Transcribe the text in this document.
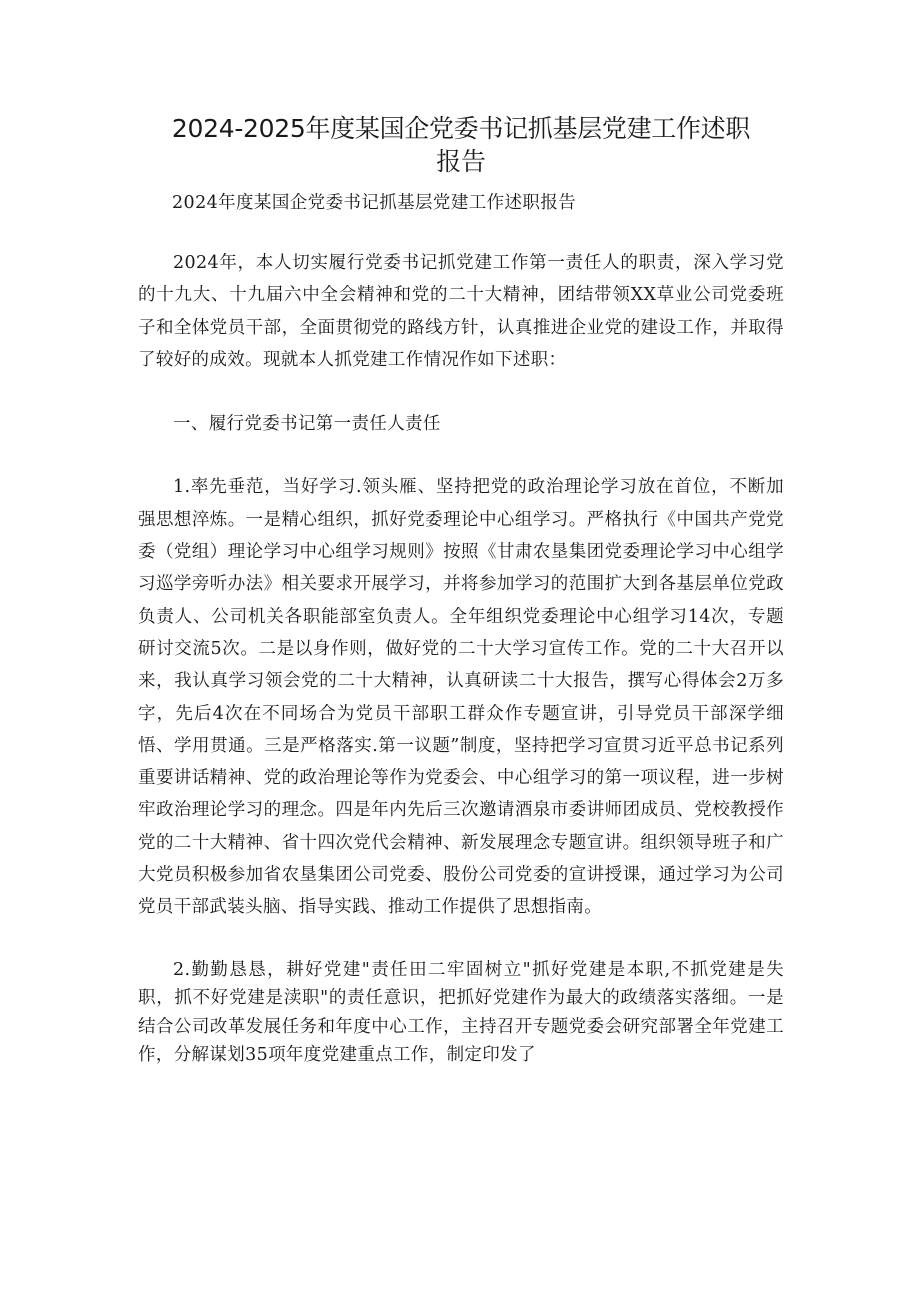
2024-2025年度某国企党委书记抓基层党建工作述职
报告

2024年度某国企党委书记抓基层党建工作述职报告

2024年，本人切实履行党委书记抓党建工作第一责任人的职责，深入学习党的十九大、十九届六中全会精神和党的二十大精神，团结带领XX草业公司党委班子和全体党员干部，全面贯彻党的路线方针，认真推进企业党的建设工作，并取得了较好的成效。现就本人抓党建工作情况作如下述职：

一、履行党委书记第一责任人责任

1.率先垂范，当好学习.领头雁、坚持把党的政治理论学习放在首位，不断加强思想淬炼。一是精心组织，抓好党委理论中心组学习。严格执行《中国共产党党委（党组）理论学习中心组学习规则》按照《甘肃农垦集团党委理论学习中心组学习巡学旁听办法》相关要求开展学习，并将参加学习的范围扩大到各基层单位党政负责人、公司机关各职能部室负责人。全年组织党委理论中心组学习14次，专题研讨交流5次。二是以身作则，做好党的二十大学习宣传工作。党的二十大召开以来，我认真学习领会党的二十大精神，认真研读二十大报告，撰写心得体会2万多字，先后4次在不同场合为党员干部职工群众作专题宣讲，引导党员干部深学细悟、学用贯通。三是严格落实.第一议题”制度，坚持把学习宣贯习近平总书记系列重要讲话精神、党的政治理论等作为党委会、中心组学习的第一项议程，进一步树牢政治理论学习的理念。四是年内先后三次邀请酒泉市委讲师团成员、党校教授作党的二十大精神、省十四次党代会精神、新发展理念专题宣讲。组织领导班子和广大党员积极参加省农垦集团公司党委、股份公司党委的宣讲授课，通过学习为公司党员干部武装头脑、指导实践、推动工作提供了思想指南。

2.勤勤恳恳，耕好党建"责任田二牢固树立"抓好党建是本职,不抓党建是失职，抓不好党建是渎职"的责任意识，把抓好党建作为最大的政绩落实落细。一是结合公司改革发展任务和年度中心工作，主持召开专题党委会研究部署全年党建工作，分解谋划35项年度党建重点工作，制定印发了
